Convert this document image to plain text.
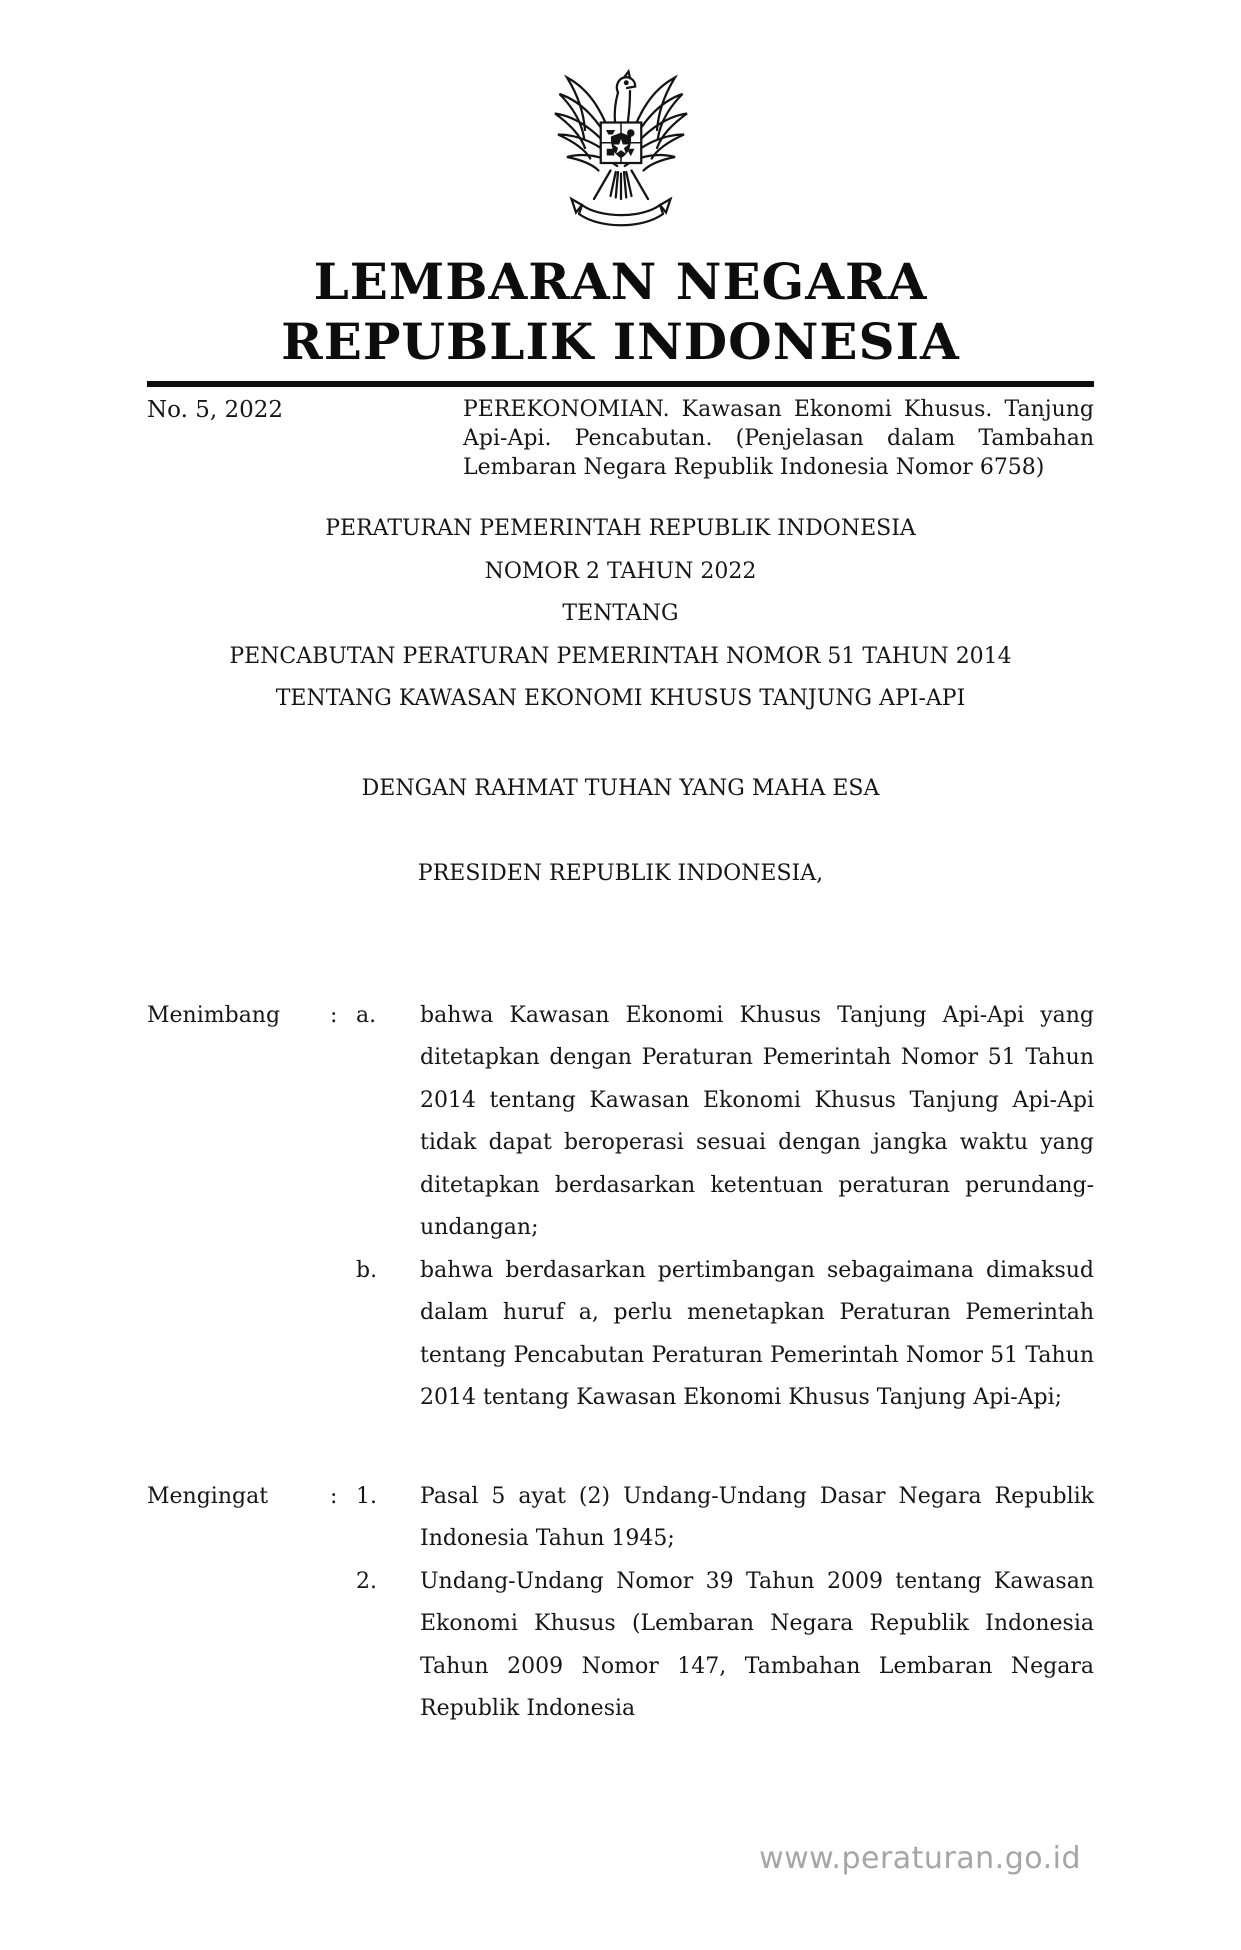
LEMBARAN NEGARA
REPUBLIK INDONESIA
No. 5, 2022	PEREKONOMIAN. Kawasan Ekonomi Khusus. Tanjung Api-Api. Pencabutan. (Penjelasan dalam Tambahan Lembaran Negara Republik Indonesia Nomor 6758)
PERATURAN PEMERINTAH REPUBLIK INDONESIA
NOMOR 2 TAHUN 2022
TENTANG
PENCABUTAN PERATURAN PEMERINTAH NOMOR 51 TAHUN 2014
TENTANG KAWASAN EKONOMI KHUSUS TANJUNG API-API
DENGAN RAHMAT TUHAN YANG MAHA ESA
PRESIDEN REPUBLIK INDONESIA,
Menimbang	: a.	bahwa Kawasan Ekonomi Khusus Tanjung Api-Api yang ditetapkan dengan Peraturan Pemerintah Nomor 51 Tahun 2014 tentang Kawasan Ekonomi Khusus Tanjung Api-Api tidak dapat beroperasi sesuai dengan jangka waktu yang ditetapkan berdasarkan ketentuan peraturan perundang-undangan;
b.	bahwa berdasarkan pertimbangan sebagaimana dimaksud dalam huruf a, perlu menetapkan Peraturan Pemerintah tentang Pencabutan Peraturan Pemerintah Nomor 51 Tahun 2014 tentang Kawasan Ekonomi Khusus Tanjung Api-Api;
Mengingat	: 1.	Pasal 5 ayat (2) Undang-Undang Dasar Negara Republik Indonesia Tahun 1945;
2.	Undang-Undang Nomor 39 Tahun 2009 tentang Kawasan Ekonomi Khusus (Lembaran Negara Republik Indonesia Tahun 2009 Nomor 147, Tambahan Lembaran Negara Republik Indonesia
www.peraturan.go.id
